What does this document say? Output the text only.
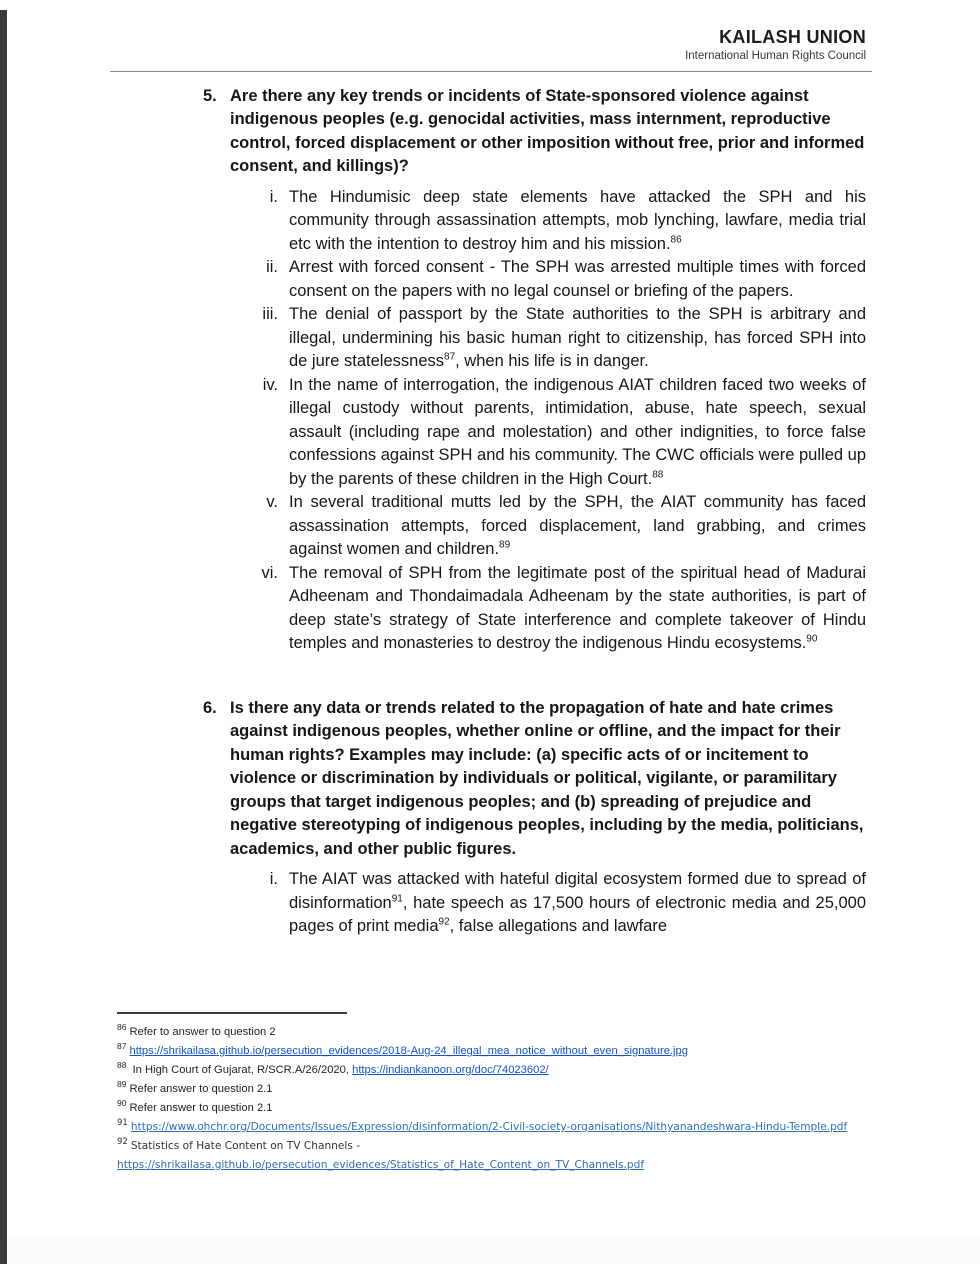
KAILASH UNION
International Human Rights Council
5. Are there any key trends or incidents of State-sponsored violence against indigenous peoples (e.g. genocidal activities, mass internment, reproductive control, forced displacement or other imposition without free, prior and informed consent, and killings)?
i. The Hindumisic deep state elements have attacked the SPH and his community through assassination attempts, mob lynching, lawfare, media trial etc with the intention to destroy him and his mission.$^{86}$
ii. Arrest with forced consent - The SPH was arrested multiple times with forced consent on the papers with no legal counsel or briefing of the papers.
iii. The denial of passport by the State authorities to the SPH is arbitrary and illegal, undermining his basic human right to citizenship, has forced SPH into de jure statelessness$^{87}$, when his life is in danger.
iv. In the name of interrogation, the indigenous AIAT children faced two weeks of illegal custody without parents, intimidation, abuse, hate speech, sexual assault (including rape and molestation) and other indignities, to force false confessions against SPH and his community. The CWC officials were pulled up by the parents of these children in the High Court.$^{88}$
v. In several traditional mutts led by the SPH, the AIAT community has faced assassination attempts, forced displacement, land grabbing, and crimes against women and children.$^{89}$
vi. The removal of SPH from the legitimate post of the spiritual head of Madurai Adheenam and Thondaimadala Adheenam by the state authorities, is part of deep state’s strategy of State interference and complete takeover of Hindu temples and monasteries to destroy the indigenous Hindu ecosystems.$^{90}$
6. Is there any data or trends related to the propagation of hate and hate crimes against indigenous peoples, whether online or offline, and the impact for their human rights? Examples may include: (a) specific acts of or incitement to violence or discrimination by individuals or political, vigilante, or paramilitary groups that target indigenous peoples; and (b) spreading of prejudice and negative stereotyping of indigenous peoples, including by the media, politicians, academics, and other public figures.
i. The AIAT was attacked with hateful digital ecosystem formed due to spread of disinformation$^{91}$, hate speech as 17,500 hours of electronic media and 25,000 pages of print media$^{92}$, false allegations and lawfare
$^{86}$ Refer to answer to question 2
$^{87}$ https://shrikailasa.github.io/persecution_evidences/2018-Aug-24_illegal_mea_notice_without_even_signature.jpg
$^{88}$ In High Court of Gujarat, R/SCR.A/26/2020, https://indiankanoon.org/doc/74023602/
$^{89}$ Refer answer to question 2.1
$^{90}$ Refer answer to question 2.1
$^{91}$ https://www.ohchr.org/Documents/Issues/Expression/disinformation/2-Civil-society-organisations/Nithyanandeshwara-Hindu-Temple.pdf
$^{92}$ Statistics of Hate Content on TV Channels -
https://shrikailasa.github.io/persecution_evidences/Statistics_of_Hate_Content_on_TV_Channels.pdf
